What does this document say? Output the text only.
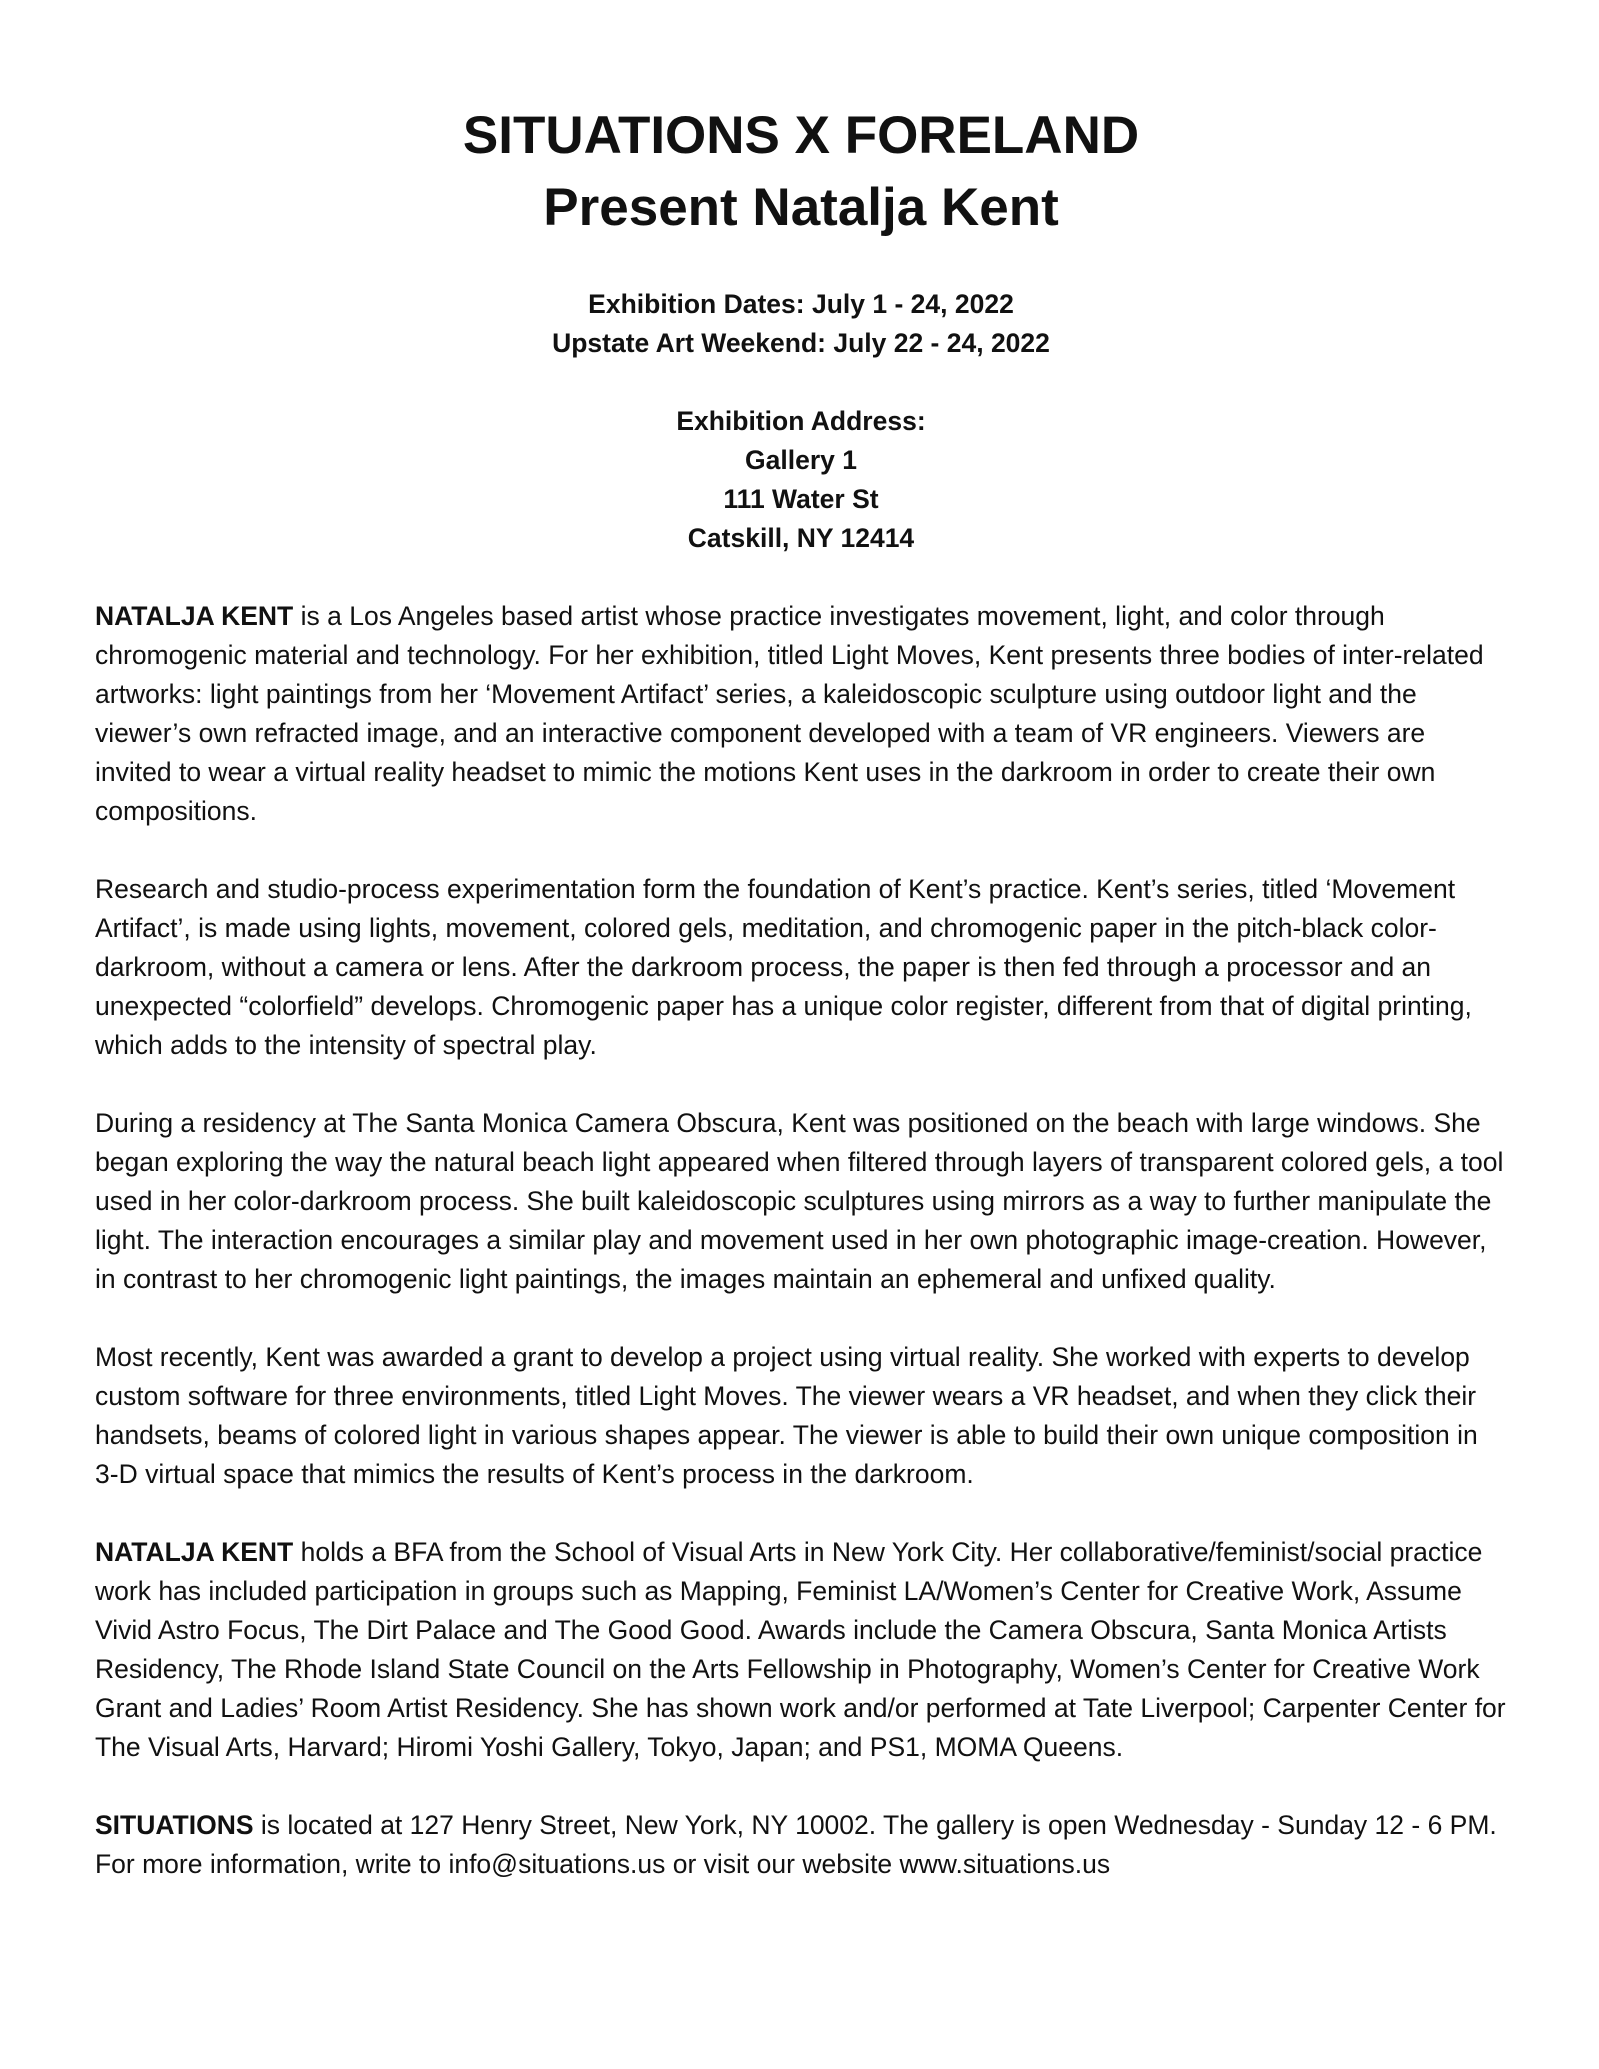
SITUATIONS X FORELAND
Present Natalja Kent

Exhibition Dates: July 1 - 24, 2022

Upstate Art Weekend: July 22 - 24, 2022

Exhibition Address:

Gallery 1

111 Water St

Catskill, NY 12414

NATALJA KENT is a Los Angeles based artist whose practice investigates movement, light, and color through chromogenic material and technology. For her exhibition, titled Light Moves, Kent presents three bodies of inter-related artworks: light paintings from her ‘Movement Artifact’ series, a kaleidoscopic sculpture using outdoor light and the viewer’s own refracted image, and an interactive component developed with a team of VR engineers. Viewers are invited to wear a virtual reality headset to mimic the motions Kent uses in the darkroom in order to create their own compositions.

Research and studio-process experimentation form the foundation of Kent’s practice. Kent’s series, titled ‘Movement Artifact’, is made using lights, movement, colored gels, meditation, and chromogenic paper in the pitch-black color-darkroom, without a camera or lens. After the darkroom process, the paper is then fed through a processor and an unexpected “colorfield” develops. Chromogenic paper has a unique color register, different from that of digital printing, which adds to the intensity of spectral play.

During a residency at The Santa Monica Camera Obscura, Kent was positioned on the beach with large windows. She began exploring the way the natural beach light appeared when filtered through layers of transparent colored gels, a tool used in her color-darkroom process. She built kaleidoscopic sculptures using mirrors as a way to further manipulate the light. The interaction encourages a similar play and movement used in her own photographic image-creation. However, in contrast to her chromogenic light paintings, the images maintain an ephemeral and unfixed quality.

Most recently, Kent was awarded a grant to develop a project using virtual reality. She worked with experts to develop custom software for three environments, titled Light Moves. The viewer wears a VR headset, and when they click their handsets, beams of colored light in various shapes appear. The viewer is able to build their own unique composition in 3-D virtual space that mimics the results of Kent’s process in the darkroom.

NATALJA KENT holds a BFA from the School of Visual Arts in New York City. Her collaborative/feminist/social practice work has included participation in groups such as Mapping, Feminist LA/Women’s Center for Creative Work, Assume Vivid Astro Focus, The Dirt Palace and The Good Good. Awards include the Camera Obscura, Santa Monica Artists Residency, The Rhode Island State Council on the Arts Fellowship in Photography, Women’s Center for Creative Work Grant and Ladies’ Room Artist Residency. She has shown work and/or performed at Tate Liverpool; Carpenter Center for The Visual Arts, Harvard; Hiromi Yoshi Gallery, Tokyo, Japan; and PS1, MOMA Queens.

SITUATIONS is located at 127 Henry Street, New York, NY 10002. The gallery is open Wednesday - Sunday 12 - 6 PM. For more information, write to info@situations.us or visit our website www.situations.us
